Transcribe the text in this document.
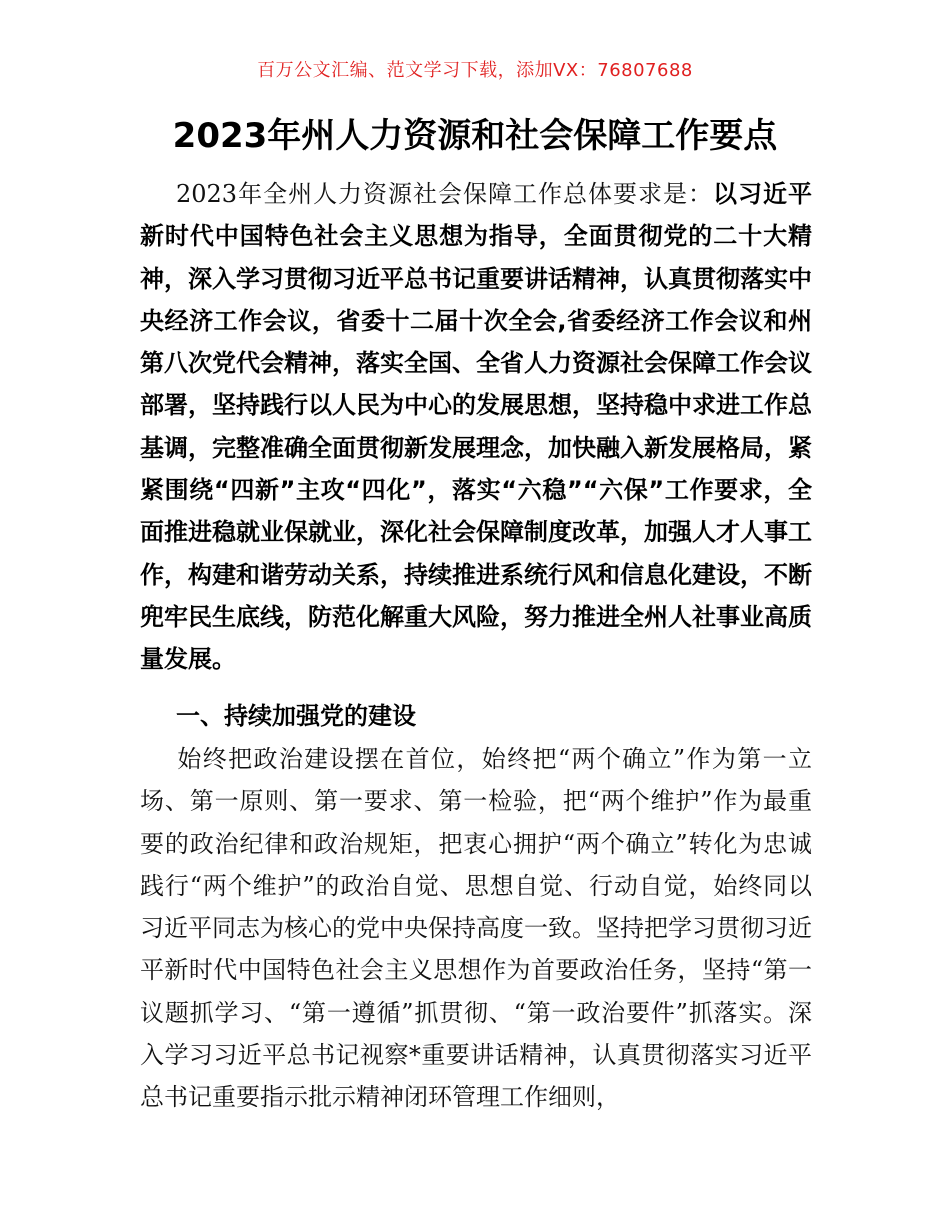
百万公文汇编、范文学习下载，添加VX：76807688
2023年州人力资源和社会保障工作要点
2023年全州人力资源社会保障工作总体要求是：以习近平新时代中国特色社会主义思想为指导，全面贯彻党的二十大精神，深入学习贯彻习近平总书记重要讲话精神，认真贯彻落实中央经济工作会议，省委十二届十次全会,省委经济工作会议和州第八次党代会精神，落实全国、全省人力资源社会保障工作会议部署，坚持践行以人民为中心的发展思想，坚持稳中求进工作总基调，完整准确全面贯彻新发展理念，加快融入新发展格局，紧紧围绕“四新”主攻“四化”，落实“六稳”“六保”工作要求，全面推进稳就业保就业，深化社会保障制度改革，加强人才人事工作，构建和谐劳动关系，持续推进系统行风和信息化建设，不断兜牢民生底线，防范化解重大风险，努力推进全州人社事业高质量发展。
一、持续加强党的建设
始终把政治建设摆在首位，始终把“两个确立”作为第一立场、第一原则、第一要求、第一检验，把“两个维护”作为最重要的政治纪律和政治规矩，把衷心拥护“两个确立”转化为忠诚践行“两个维护”的政治自觉、思想自觉、行动自觉，始终同以习近平同志为核心的党中央保持高度一致。坚持把学习贯彻习近平新时代中国特色社会主义思想作为首要政治任务，坚持“第一议题抓学习、“第一遵循”抓贯彻、“第一政治要件”抓落实。深入学习习近平总书记视察*重要讲话精神，认真贯彻落实习近平总书记重要指示批示精神闭环管理工作细则，
